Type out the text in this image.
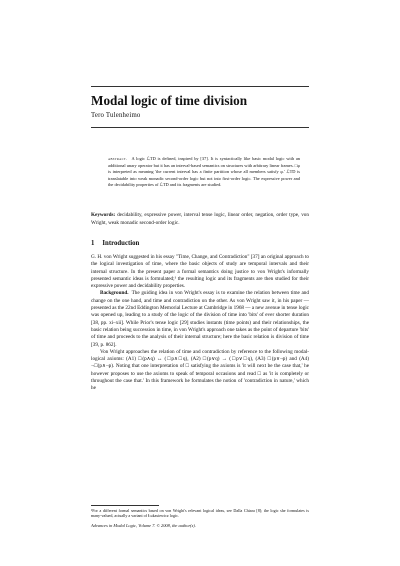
Modal logic of time division
Tero Tulenheimo
abstract. A logic ℒTD is defined, inspired by [37]. It is syntactically like basic modal logic with an additional unary operator but it has an interval-based semantics on structures with arbitrary linear frames. □φ is interpreted as meaning 'the current interval has a finite partition whose all members satisfy φ.' ℒTD is translatable into weak monadic second-order logic but not into first-order logic. The expressive power and the decidability properties of ℒTD and its fragments are studied.
Keywords: decidability, expressive power, interval tense logic, linear order, negation, order type, von Wright, weak monadic second-order logic.
1 Introduction

G. H. von Wright suggested in his essay "Time, Change, and Contradiction" [37] an original approach to the logical investigation of time, where the basic objects of study are temporal intervals and their internal structure. In the present paper a formal semantics doing justice to von Wright's informally presented semantic ideas is formulated;¹ the resulting logic and its fragments are then studied for their expressive power and decidability properties.

Background. The guiding idea in von Wright's essay is to examine the relation between time and change on the one hand, and time and contradiction on the other. As von Wright saw it, in his paper — presented as the 22nd Eddington Memorial Lecture at Cambridge in 1968 — a new avenue in tense logic was opened up, leading to a study of the logic of the division of time into 'bits' of ever shorter duration [38, pp. xi–xii]. While Prior's tense logic [29] studies instants (time points) and their relationships, the basic relation being succession in time, in von Wright's approach one takes as the point of departure 'bits' of time and proceeds to the analysis of their internal structure; here the basic relation is division of time [39, p. 862].

Von Wright approaches the relation of time and contradiction by reference to the following modal-logical axioms: (A1) □(p∧q) ↔ (□p∧□q), (A2) □(p∨q) → (□p∨□q), (A3) □(p∨¬p) and (A4) ¬□(p∧¬p). Noting that one interpretation of □ satisfying the axioms is 'it will next be the case that,' he however proposes to use the axioms to speak of temporal occasions and read □ as 'it is completely or throughout the case that.' In this framework he formulates the notion of 'contradiction in nature,' which he

¹For a different formal semantics based on von Wright's relevant logical ideas, see Dalla Chiara [8]; the logic she formulates is many-valued, actually a variant of Łukasiewicz logic.
Advances in Modal Logic, Volume 7. © 2008, the author(s).
